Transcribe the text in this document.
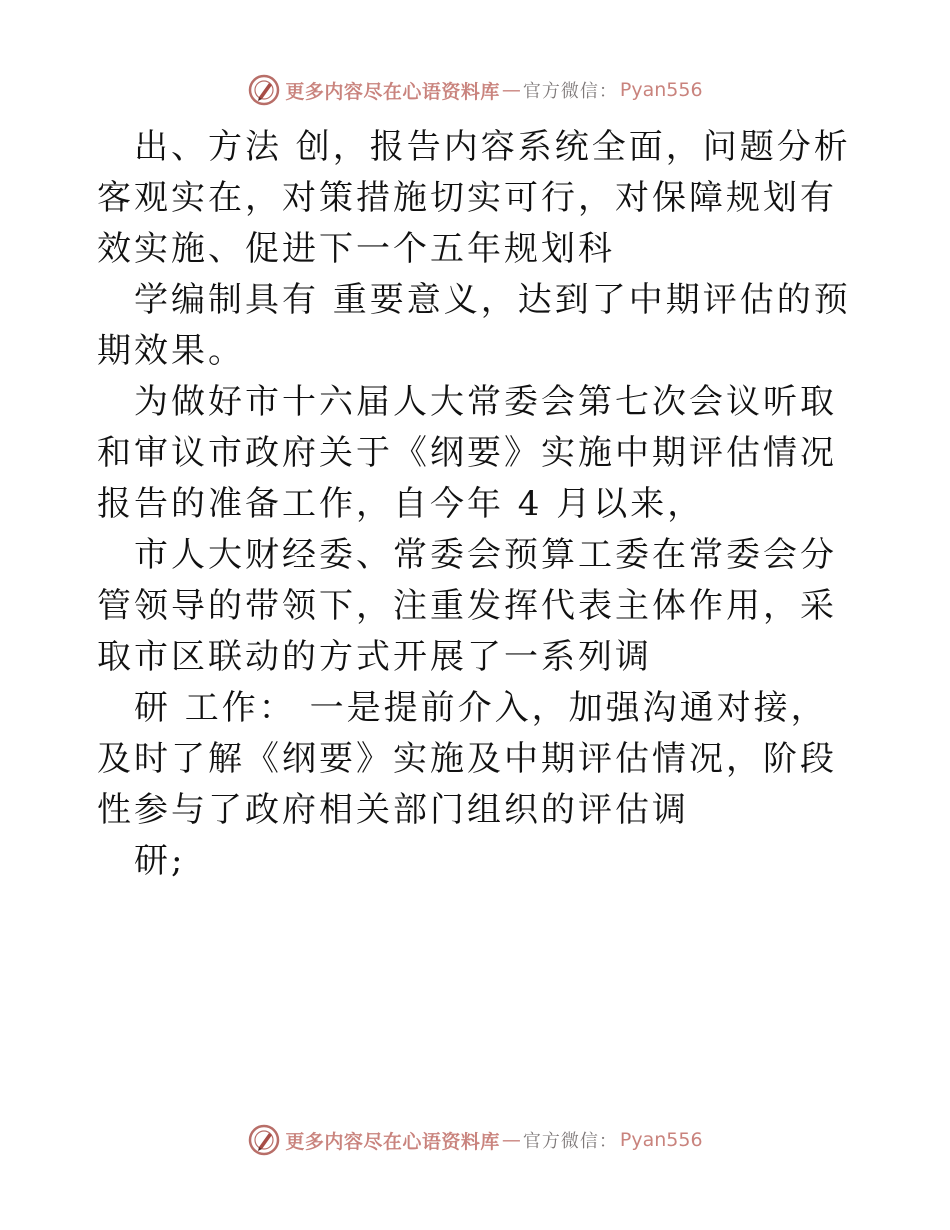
更多内容尽在心语资料库 — 官方微信： Pyan556

出、方法 创，报告内容系统全面，问题分析客观实在，对策措施切实可行，对保障规划有效实施、促进下一个五年规划科

学编制具有 重要意义，达到了中期评估的预期效果。

为做好市十六届人大常委会第七次会议听取和审议市政府关于《纲要》实施中期评估情况报告的准备工作，自今年 4 月以来，

市人大财经委、常委会预算工委在常委会分管领导的带领下，注重发挥代表主体作用，采取市区联动的方式开展了一系列调

研 工作： 一是提前介入，加强沟通对接，及时了解《纲要》实施及中期评估情况，阶段性参与了政府相关部门组织的评估调

研;

更多内容尽在心语资料库 — 官方微信： Pyan556
